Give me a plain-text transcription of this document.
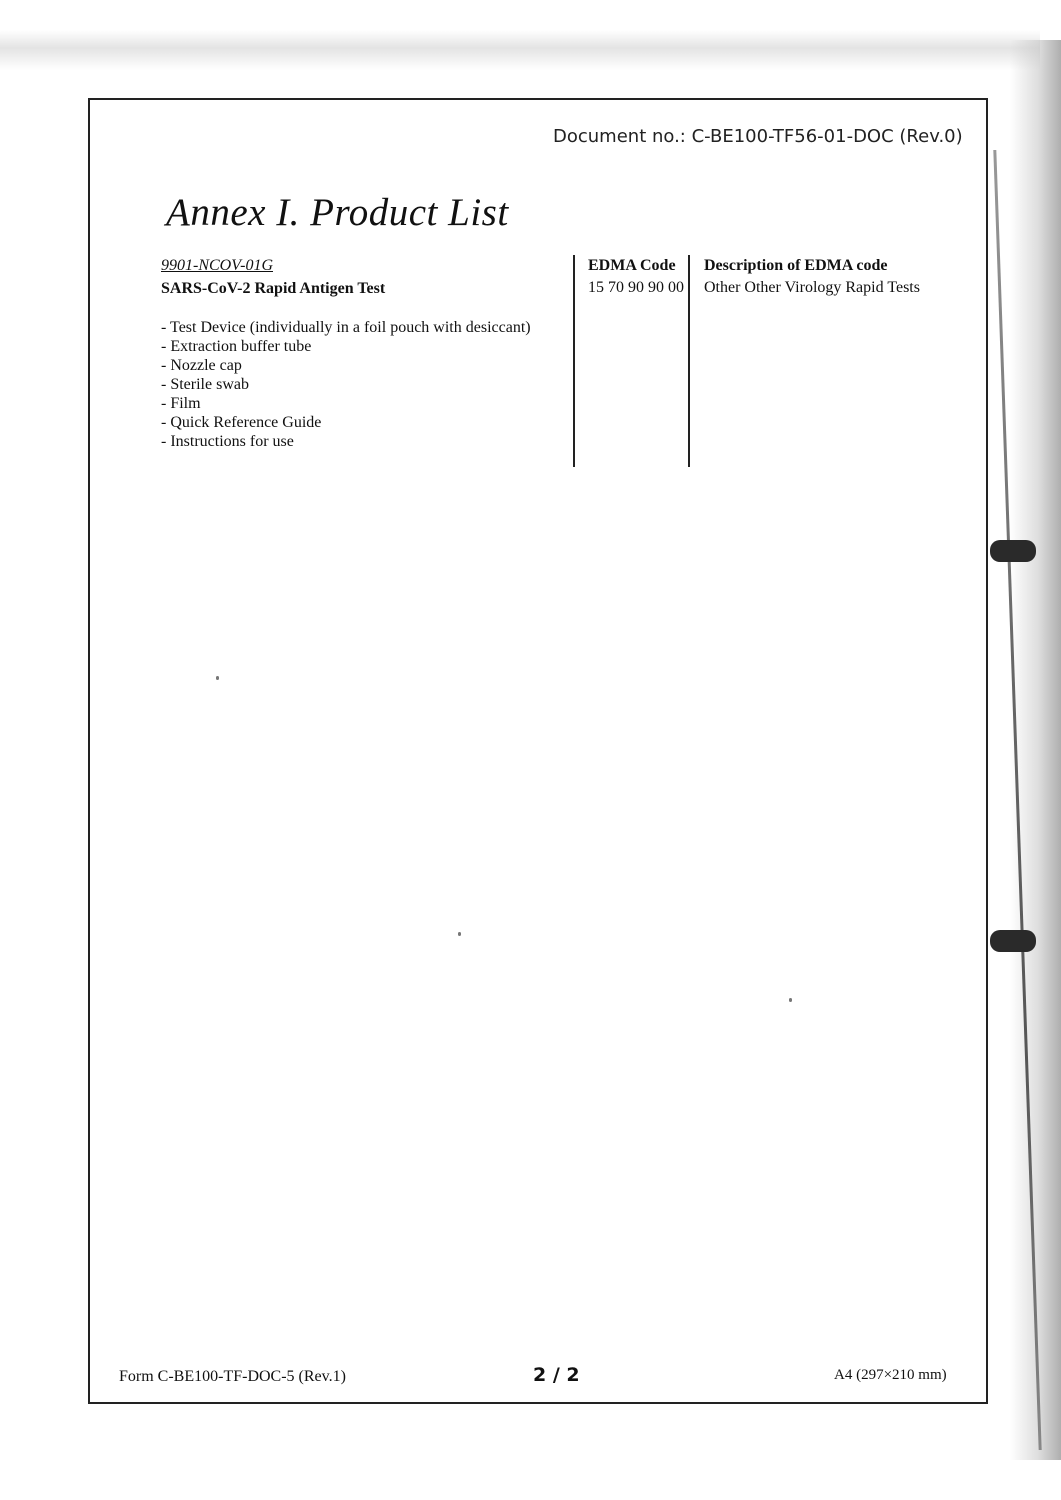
Document no.: C-BE100-TF56-01-DOC (Rev.0)
Annex I. Product List
9901-NCOV-01G
SARS-CoV-2 Rapid Antigen Test
- Test Device (individually in a foil pouch with desiccant)
- Extraction buffer tube
- Nozzle cap
- Sterile swab
- Film
- Quick Reference Guide
- Instructions for use
EDMA Code
15 70 90 90 00
Description of EDMA code
Other Other Virology Rapid Tests
Form C-BE100-TF-DOC-5 (Rev.1)	2 / 2	A4 (297×210 mm)
